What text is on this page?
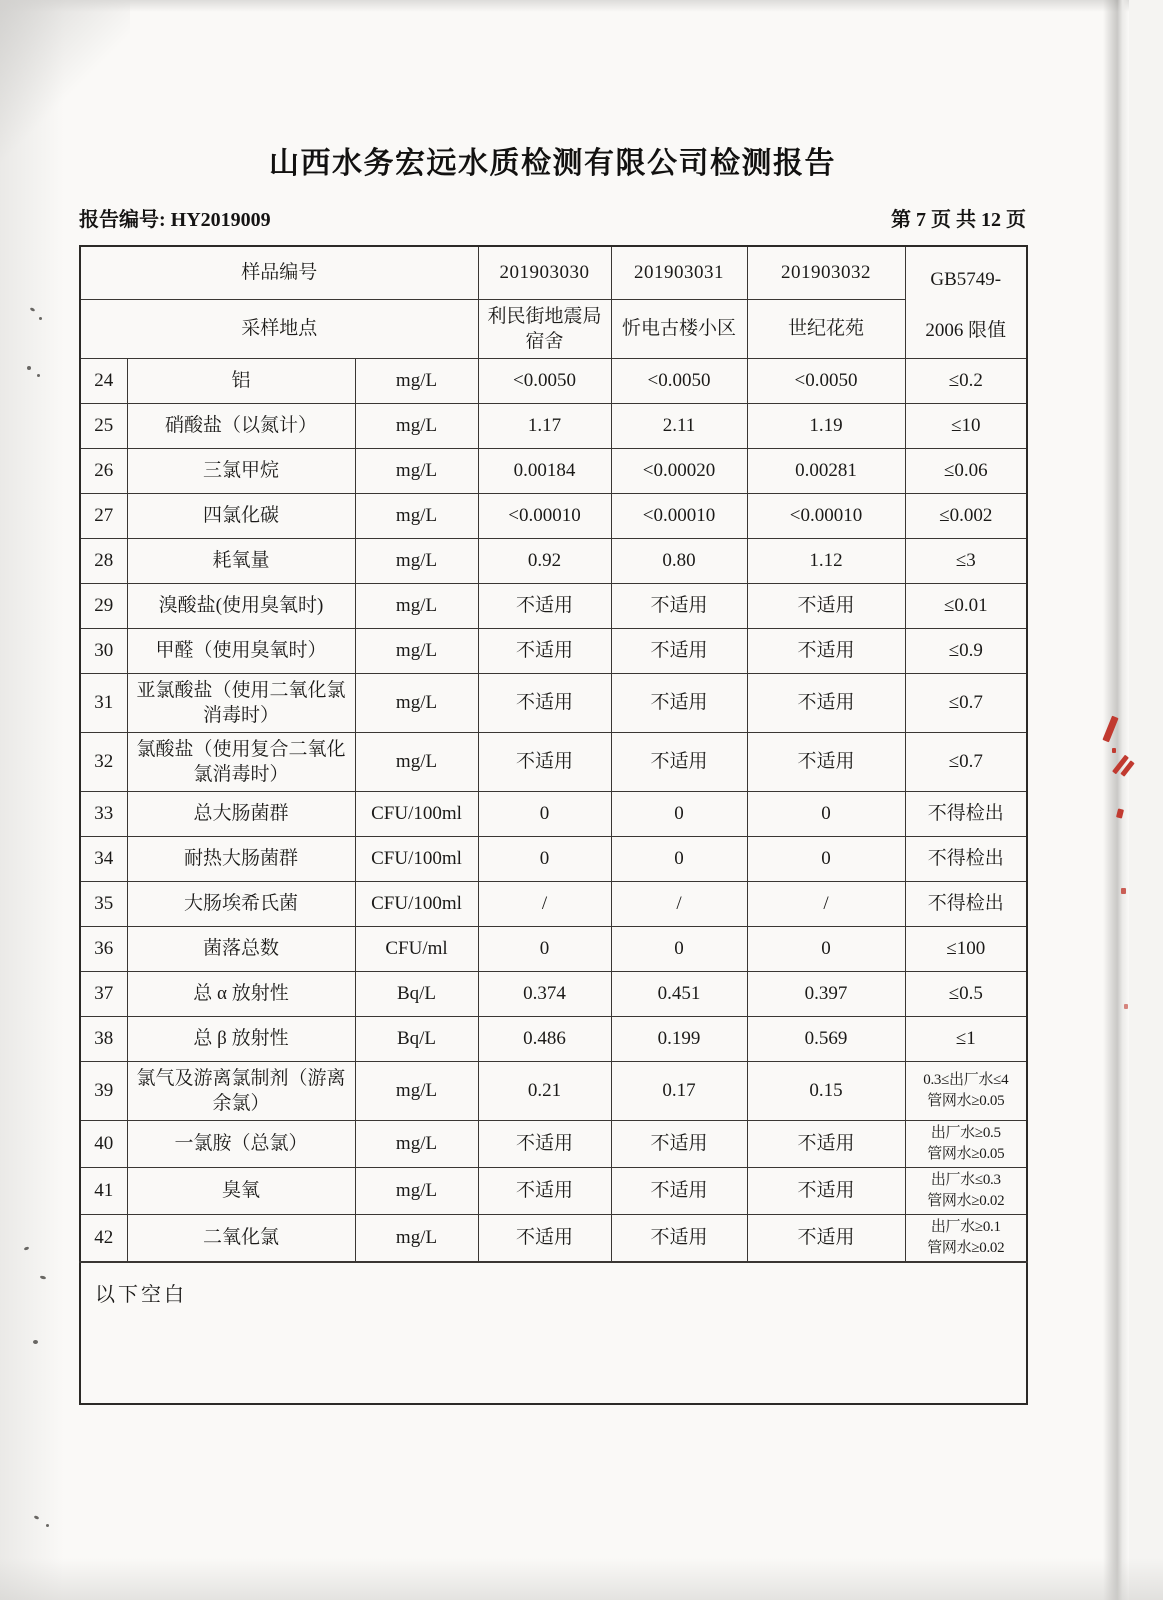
山西水务宏远水质检测有限公司检测报告
报告编号: HY2019009	第 7 页 共 12 页
样品编号			201903030	201903031	201903032	GB5749-
2006 限值

采样地点			利民街地震局宿舍	忻电古楼小区	世纪花苑	
24	铝	mg/L	<0.0050	<0.0050	<0.0050	≤0.2

25	硝酸盐（以氮计）	mg/L	1.17	2.11	1.19	≤10

26	三氯甲烷	mg/L	0.00184	<0.00020	0.00281	≤0.06

27	四氯化碳	mg/L	<0.00010	<0.00010	<0.00010	≤0.002

28	耗氧量	mg/L	0.92	0.80	1.12	≤3

29	溴酸盐(使用臭氧时)	mg/L	不适用	不适用	不适用	≤0.01

30	甲醛（使用臭氧时）	mg/L	不适用	不适用	不适用	≤0.9

31	亚氯酸盐（使用二氧化氯消毒时）	mg/L	不适用	不适用	不适用	≤0.7

32	氯酸盐（使用复合二氧化氯消毒时）	mg/L	不适用	不适用	不适用	≤0.7

33	总大肠菌群	CFU/100ml	0	0	0	不得检出

34	耐热大肠菌群	CFU/100ml	0	0	0	不得检出

35	大肠埃希氏菌	CFU/100ml	/	/	/	不得检出

36	菌落总数	CFU/ml	0	0	0	≤100

37	总 α 放射性	Bq/L	0.374	0.451	0.397	≤0.5

38	总 β 放射性	Bq/L	0.486	0.199	0.569	≤1

39	氯气及游离氯制剂（游离余氯）	mg/L	0.21	0.17	0.15	0.3≤出厂水≤4
管网水≥0.05

40	一氯胺（总氯）	mg/L	不适用	不适用	不适用	出厂水≥0.5
管网水≥0.05

41	臭氧	mg/L	不适用	不适用	不适用	出厂水≤0.3
管网水≥0.02

42	二氧化氯	mg/L	不适用	不适用	不适用	出厂水≥0.1
管网水≥0.02

以下空白						
